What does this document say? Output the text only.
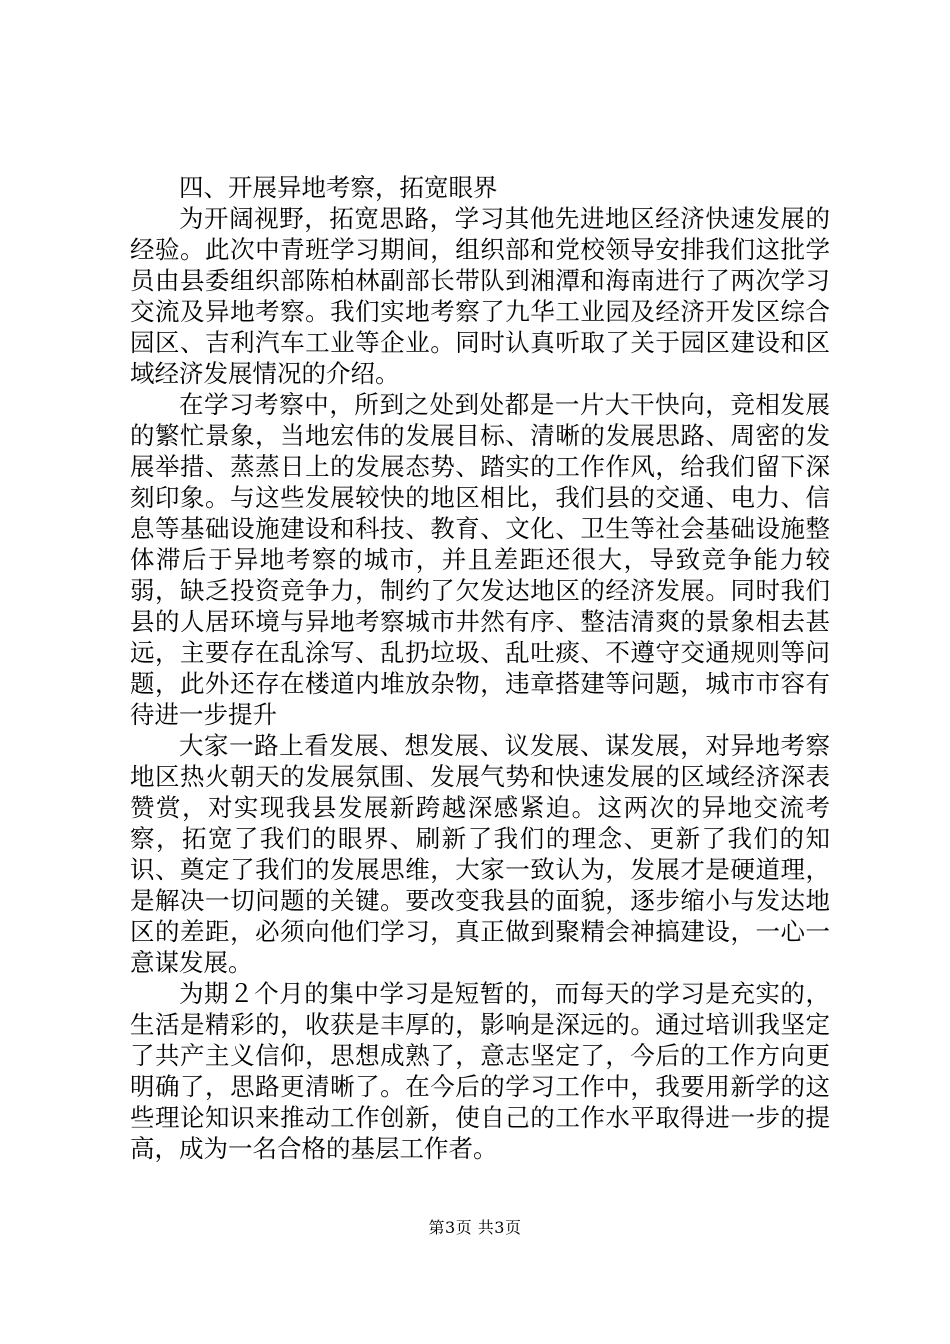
四、开展异地考察，拓宽眼界

为开阔视野，拓宽思路，学习其他先进地区经济快速发展的经验。此次中青班学习期间，组织部和党校领导安排我们这批学员由县委组织部陈柏林副部长带队到湘潭和海南进行了两次学习交流及异地考察。我们实地考察了九华工业园及经济开发区综合园区、吉利汽车工业等企业。同时认真听取了关于园区建设和区域经济发展情况的介绍。

在学习考察中，所到之处到处都是一片大干快向，竞相发展的繁忙景象，当地宏伟的发展目标、清晰的发展思路、周密的发展举措、蒸蒸日上的发展态势、踏实的工作作风，给我们留下深刻印象。与这些发展较快的地区相比，我们县的交通、电力、信息等基础设施建设和科技、教育、文化、卫生等社会基础设施整体滞后于异地考察的城市，并且差距还很大，导致竞争能力较弱，缺乏投资竞争力，制约了欠发达地区的经济发展。同时我们县的人居环境与异地考察城市井然有序、整洁清爽的景象相去甚远，主要存在乱涂写、乱扔垃圾、乱吐痰、不遵守交通规则等问题，此外还存在楼道内堆放杂物，违章搭建等问题，城市市容有待进一步提升

大家一路上看发展、想发展、议发展、谋发展，对异地考察地区热火朝天的发展氛围、发展气势和快速发展的区域经济深表赞赏，对实现我县发展新跨越深感紧迫。这两次的异地交流考察，拓宽了我们的眼界、刷新了我们的理念、更新了我们的知识、奠定了我们的发展思维，大家一致认为，发展才是硬道理，是解决一切问题的关键。要改变我县的面貌，逐步缩小与发达地区的差距，必须向他们学习，真正做到聚精会神搞建设，一心一意谋发展。

为期２个月的集中学习是短暂的，而每天的学习是充实的，生活是精彩的，收获是丰厚的，影响是深远的。通过培训我坚定了共产主义信仰，思想成熟了，意志坚定了，今后的工作方向更明确了，思路更清晰了。在今后的学习工作中，我要用新学的这些理论知识来推动工作创新，使自己的工作水平取得进一步的提高，成为一名合格的基层工作者。

第3页 共3页
